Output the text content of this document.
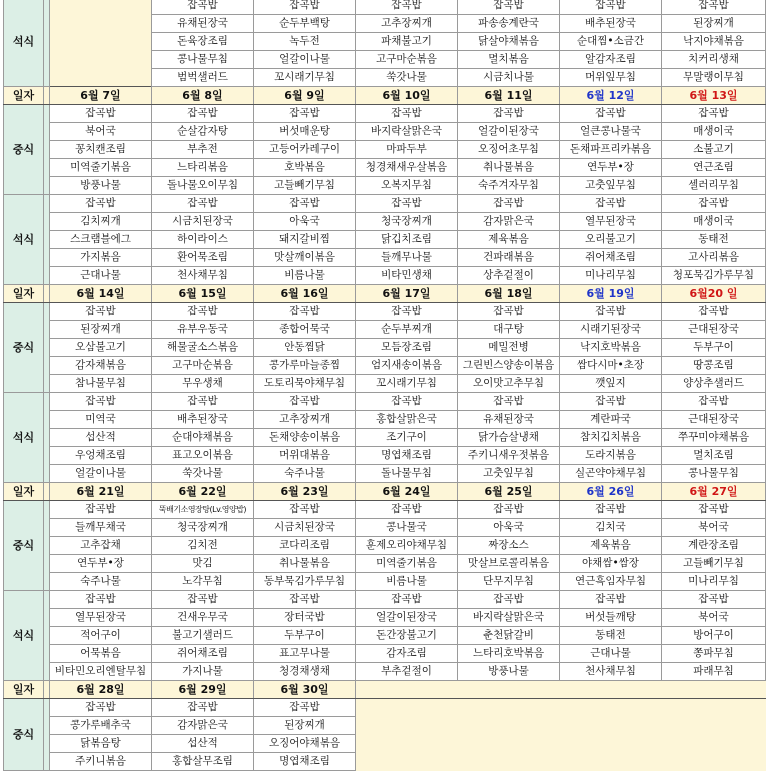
석식			잡곡밥	잡곡밥	잡곡밥	잡곡밥	잡곡밥	잡곡밥
			유채된장국	순두부백탕	고추장찌개	파송송계란국	배추된장국	된장찌개
			돈육장조림	녹두전	파채불고기	닭살야채볶음	순대찜•소금간	낙지야채볶음
			콩나물무침	얼갈이나물	고구마순볶음	멸치볶음	알감자조림	치커리생채
			범벅샐러드	꼬시래기무침	쑥갓나물	시금치나물	머위잎무침	무말랭이무침
일자		6월 7일	6월 8일	6월 9일	6월 10일	6월 11일	6월 12일	6월 13일
중식		잡곡밥	잡곡밥	잡곡밥	잡곡밥	잡곡밥	잡곡밥	잡곡밥
		북어국	순살감자탕	버섯매운탕	바지락살맑은국	얼갈이된장국	얼큰콩나물국	매생이국
		꽁치캔조림	부추전	고등어카레구이	마파두부	오징어초무침	돈채파프리카볶음	소불고기
		미역줄기볶음	느타리볶음	호박볶음	청경채새우살볶음	취나물볶음	연두부•장	연근조림
		방풍나물	돌나물오이무침	고들빼기무침	오복지무침	숙주겨자무침	고춧잎무침	셀러리무침
석식		잡곡밥	잡곡밥	잡곡밥	잡곡밥	잡곡밥	잡곡밥	잡곡밥
		김치찌개	시금치된장국	아욱국	청국장찌개	감자맑은국	열무된장국	매생이국
		스크램블에그	하이라이스	돼지갈비찜	닭깁치조림	제육볶음	오리불고기	동태전
		가지볶음	환어묵조림	맛살깨이볶음	들깨무나물	건파래볶음	쥐어채조림	고사리볶음
		근대나물	천사채무침	비름나물	비타민생채	상추겉절이	미나리무침	청포묵김가루무침
일자		6월 14일	6월 15일	6월 16일	6월 17일	6월 18일	6월 19일	6월20 일
중식		잡곡밥	잡곡밥	잡곡밥	잡곡밥	잡곡밥	잡곡밥	잡곡밥
		된장찌개	유부우동국	종합어묵국	순두부찌개	대구탕	시래기된장국	근대된장국
		오삼불고기	해물굴소스볶음	안동찜닭	모듬장조림	메밀전병	낙지호박볶음	두부구이
		감자채볶음	고구마순볶음	콩가루마늘종찜	엄지새송이볶음	그린빈스양송이볶음	쌈다시마•초장	땅콩조림
		참나물무침	무우생채	도토리묵야채무침	꼬시래기무침	오이맛고추무침	깻잎지	양상추샐러드
석식		잡곡밥	잡곡밥	잡곡밥	잡곡밥	잡곡밥	잡곡밥	잡곡밥
		미역국	배추된장국	고추장찌개	홍합살맑은국	유채된장국	계란파국	근대된장국
		섭산적	순대야채볶음	돈채양송이볶음	조기구이	닭가슴살냉채	참치깁치볶음	쭈꾸미야채볶음
		우엉채조림	표고오이볶음	머위대볶음	명엽채조림	주키니새우젓볶음	도라지볶음	멸치조림
		얼갈이나물	쑥갓나물	숙주나물	돌나물무침	고춧잎무침	실곤약야채무침	콩나물무침
일자		6월 21일	6월 22일	6월 23일	6월 24일	6월 25일	6월 26일	6월 27일
중식		잡곡밥	뚝배기소영장탕(Lv.영양밥)	잡곡밥	잡곡밥	잡곡밥	잡곡밥	잡곡밥
		들깨무채국	청국장찌개	시금치된장국	콩나물국	아욱국	김치국	북어국
		고추잡채	김치전	코다리조림	훈제오리야채무침	짜장소스	제육볶음	계란장조림
		연두부•장	맛김	취나물볶음	미역줄기볶음	맛살브로콜리볶음	야채쌈•쌈장	고들빼기무침
		숙주나물	노각무침	동부묵김가루무침	비름나물	단무지무침	연근흑임자무침	미나리무침
석식		잡곡밥	잡곡밥	잡곡밥	잡곡밥	잡곡밥	잡곡밥	잡곡밥
		열무된장국	건새우무국	장터국밥	얼갈이된장국	바지락살맑은국	버섯들깨탕	북어국
		적어구이	불고기샐러드	두부구이	돈간장불고기	춘천닭갈비	동태전	방어구이
		어묵볶음	쥐어채조림	표고무나물	감자조림	느타리호박볶음	근대나물	쫑파무침
		비타민오리엔탈무침	가지나물	청경채생채	부추겉절이	방풍나물	천사채무침	파래무침
일자		6월 28일	6월 29일	6월 30일				
중식		잡곡밥	잡곡밥	잡곡밥				
		콩가루배추국	감자맑은국	된장찌개				
		닭볶음탕	섭산적	오징어야채볶음				
		주키니볶음	홍합살무조림	명엽채조림				
